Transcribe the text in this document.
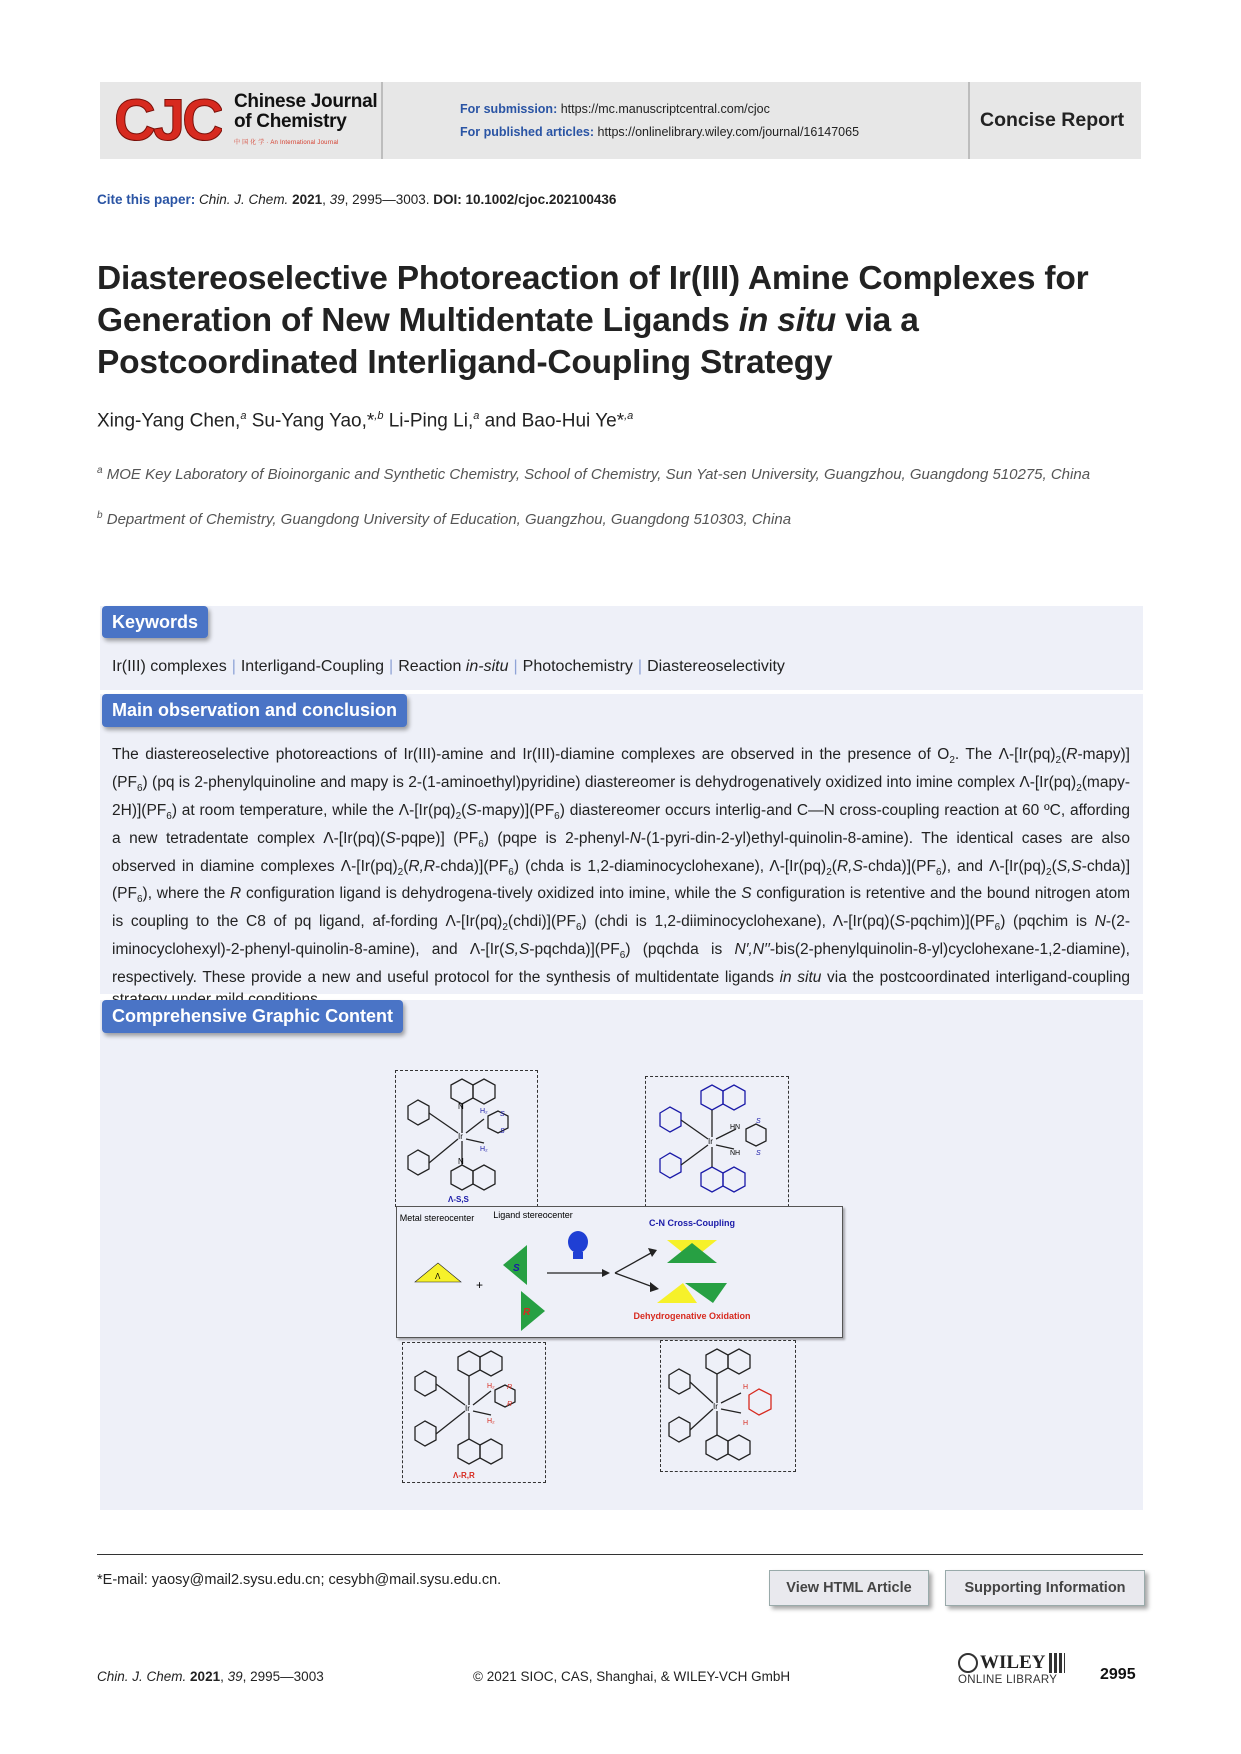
CJC Chinese Journal
of Chemistry
中 国 化 学 · An International Journal
For submission: https://mc.manuscriptcentral.com/cjoc
For published articles: https://onlinelibrary.wiley.com/journal/16147065
Concise Report
Cite this paper: Chin. J. Chem. 2021, 39, 2995—3003. DOI: 10.1002/cjoc.202100436
Diastereoselective Photoreaction of Ir(III) Amine Complexes for
Generation of New Multidentate Ligands in situ via a
Postcoordinated Interligand-Coupling Strategy
Xing-Yang Chen,$^a$ Su-Yang Yao,*$^{,b}$ Li-Ping Li,$^a$ and Bao-Hui Ye*$^{,a}$
$^a$ MOE Key Laboratory of Bioinorganic and Synthetic Chemistry, School of Chemistry, Sun Yat-sen University, Guangzhou, Guangdong 510275, China
$^b$ Department of Chemistry, Guangdong University of Education, Guangzhou, Guangdong 510303, China
Keywords
Ir(III) complexes | Interligand-Coupling | Reaction in-situ | Photochemistry | Diastereoselectivity
Main observation and conclusion
The diastereoselective photoreactions of Ir(III)-amine and Ir(III)-diamine complexes are observed in the presence of $O_2$. The $\Lambda-[Ir(pq)_2(R-mapy)](PF_6)$ (pq is 2-phenylquinoline and mapy is 2-(1-aminoethyl)pyridine) diastereomer is dehydrogenatively oxidized into imine complex $\Lambda-[Ir(pq)_2(mapy-2H)](PF_6)$ at room temperature, while the $\Lambda-[Ir(pq)_2(S-mapy)](PF_6)$ diastereomer occurs interlig-and C—N cross-coupling reaction at 60 ºC, affording a new tetradentate complex Λ-[Ir(pq)(S-pqpe)] $(PF_6)$ (pqpe is 2-phenyl-N-(1-pyri-din-2-yl)ethyl-quinolin-8-amine). The identical cases are also observed in diamine complexes $\Lambda-[Ir(pq)_2(R,R-chda)](PF_6)$ (chda is 1,2-diaminocyclohexane), $\Lambda-[Ir(pq)_2(R,S-chda)](PF_6)$, and $\Lambda-[Ir(pq)_2(S,S-chda)](PF_6)$, where the R configuration ligand is dehydrogena-tively oxidized into imine, while the S configuration is retentive and the bound nitrogen atom is coupling to the C8 of pq ligand, af-fording $\Lambda-[Ir(pq)_2(chdi)](PF_6)$ (chdi is 1,2-diiminocyclohexane), $\Lambda-[Ir(pq)(S-pqchim)](PF_6)$ (pqchim is N-(2-iminocyclohexyl)-2-phenyl-quinolin-8-amine), and $\Lambda-[Ir(S,S-pqchda)](PF_6)$ (pqchda is N′,N′′-bis(2-phenylquinolin-8-yl)cyclohexane-1,2-diamine), respectively. These provide a new and useful protocol for the synthesis of multidentate ligands in situ via the postcoordinated interligand-coupling
Comprehensive Graphic Content
Ir
N
N
H₂
H₂
S
S
Λ-S,S
Ir
HN
NH
S
S
Metal stereocenter Ligand stereocenter
Λ
+
S
R
C-N Cross-Coupling
Dehydrogenative Oxidation
Ir
H₂
H₂
R
R
Λ-R,R
Ir
H
H
*E-mail: yaosy@mail2.sysu.edu.cn; cesybh@mail.sysu.edu.cn.	View HTML Article	Supporting Information
Chin. J. Chem. 2021, 39, 2995—3003	© 2021 SIOC, CAS, Shanghai, & WILEY-VCH GmbH
WILEY
ONLINE LIBRARY	2995
